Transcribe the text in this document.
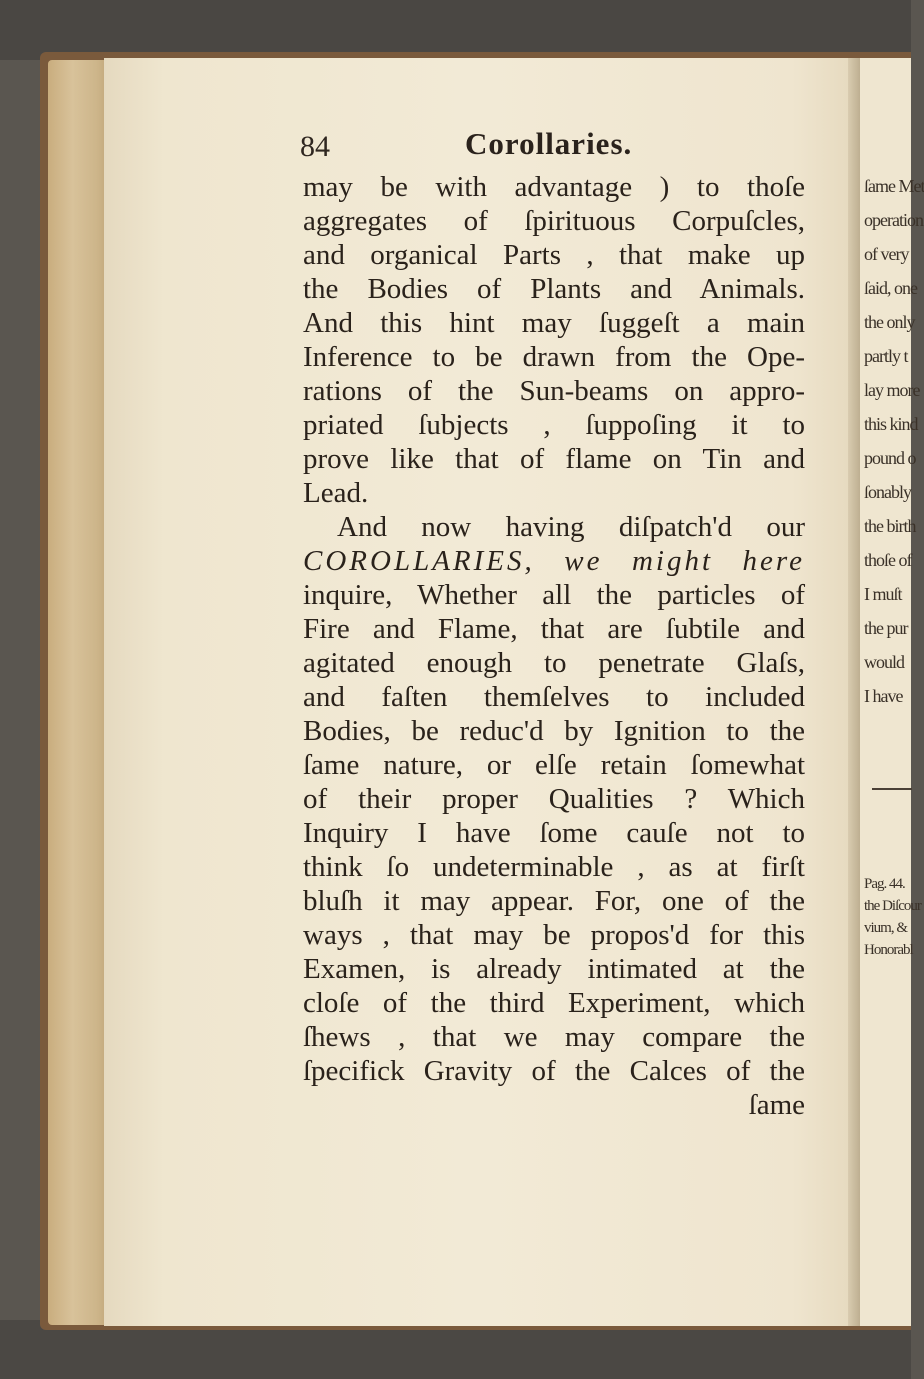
ſame Met
operation
of very
ſaid, one
the only
partly t
lay more
this kind
pound o
ſonably
the birth
thoſe of
I muſt
the pur
would
I have
Pag. 44.
the Diſcour
vium, &
Honorabl
84	Corollaries.
may be with advantage ) to thoſe
aggregates of ſpirituous Corpuſcles,
and organical Parts , that make up
the Bodies of Plants and Animals.
And this hint may ſuggeſt a main
Inference to be drawn from the Ope-
rations of the Sun-beams on appro-
priated ſubjects , ſuppoſing it to
prove like that of flame on Tin and
Lead.
And now having diſpatch'd our
COROLLARIES, we might here
inquire, Whether all the particles of
Fire and Flame, that are ſubtile and
agitated enough to penetrate Glaſs,
and faſten themſelves to included
Bodies, be reduc'd by Ignition to the
ſame nature, or elſe retain ſomewhat
of their proper Qualities ? Which
Inquiry I have ſome cauſe not to
think ſo undeterminable , as at firſt
bluſh it may appear. For, one of the
ways , that may be propos'd for this
Examen, is already intimated at the
cloſe of the third Experiment, which
ſhews , that we may compare the
ſpecifick Gravity of the Calces of the
ſame
